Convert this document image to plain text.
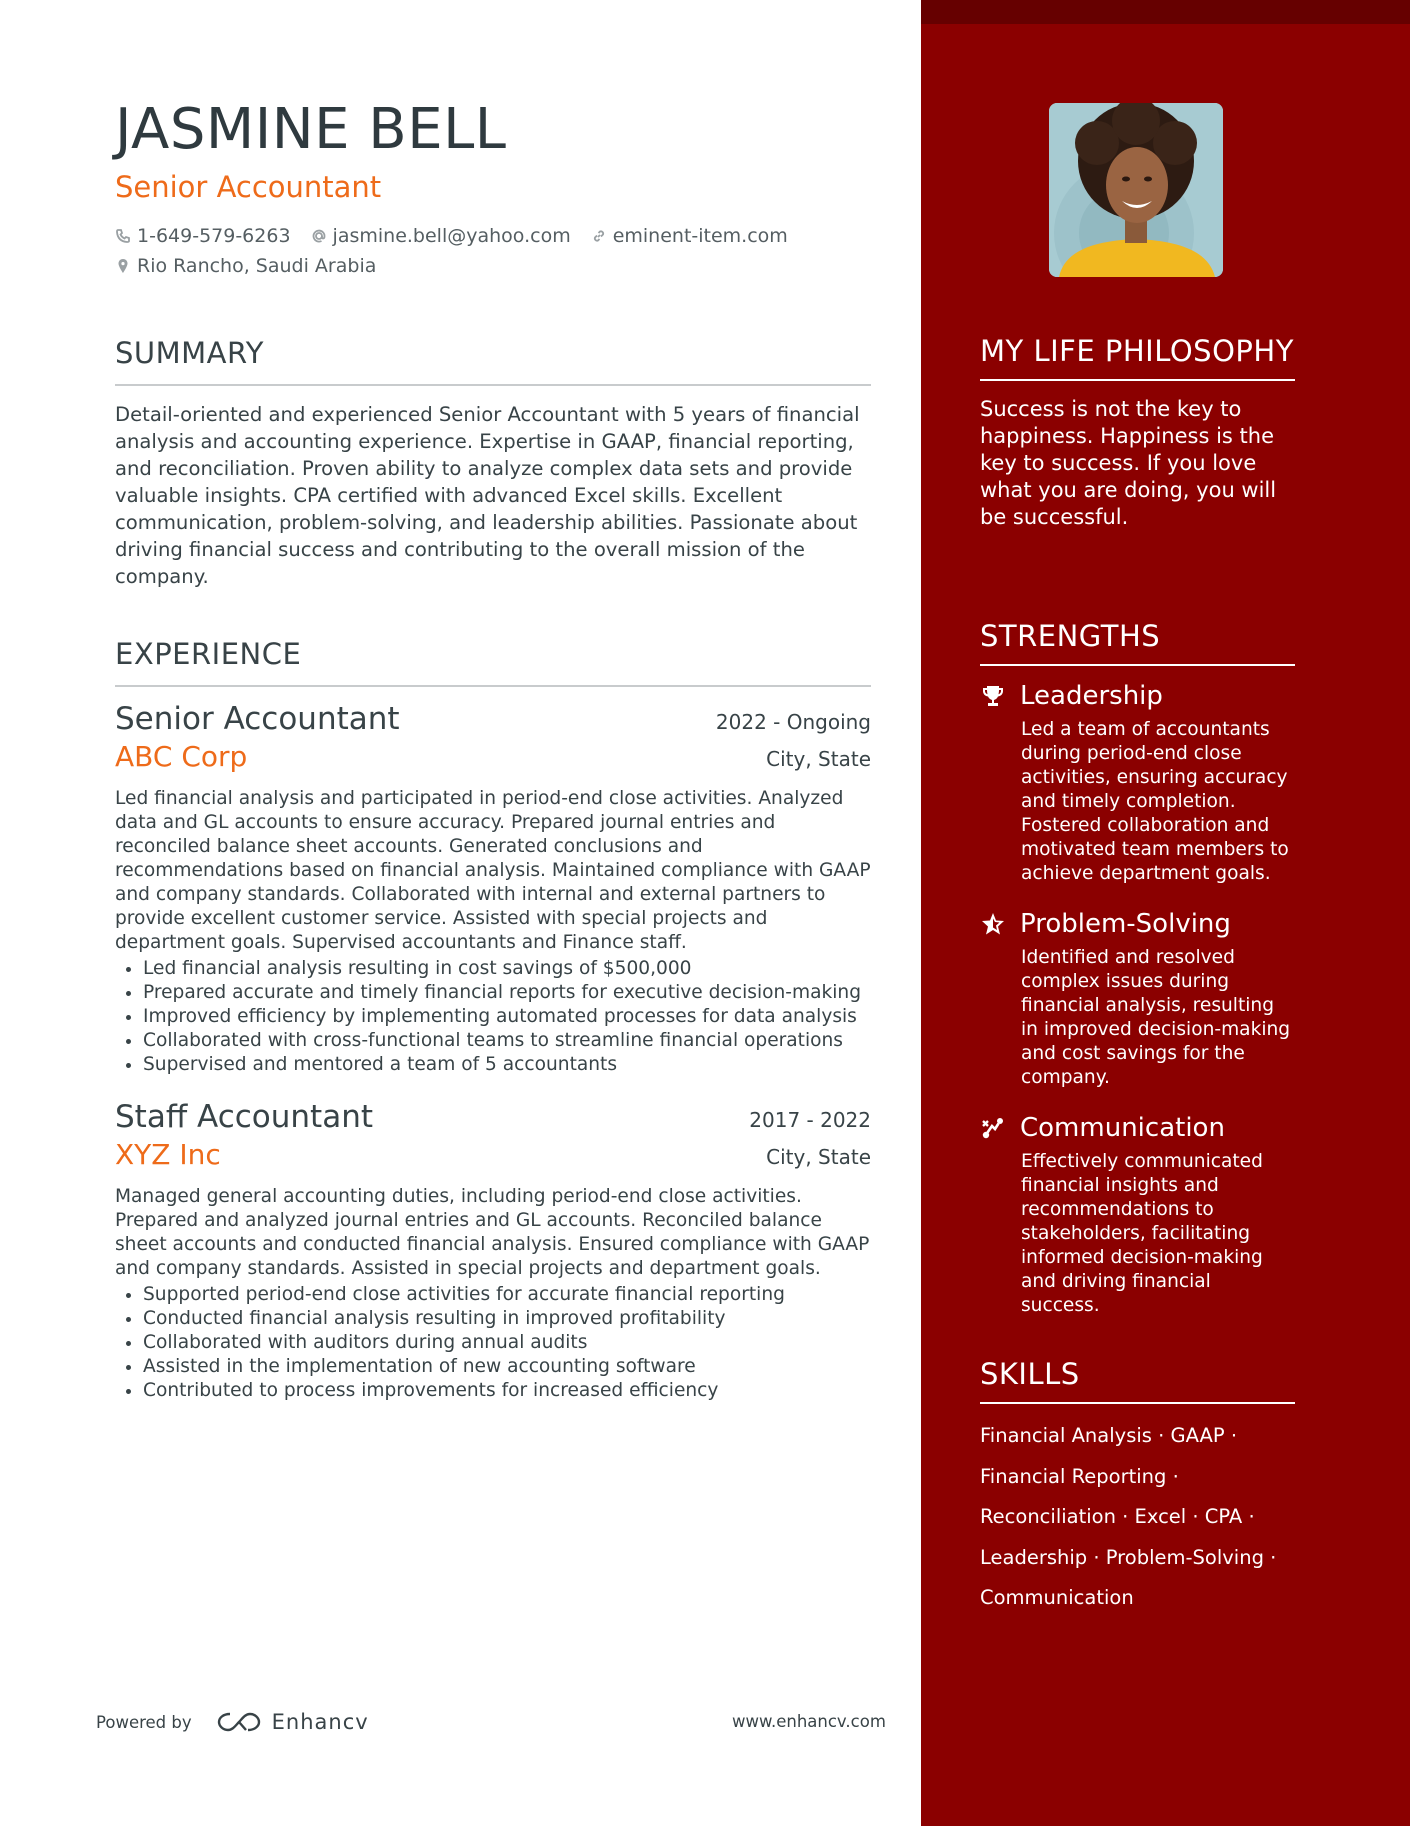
JASMINE BELL
Senior Accountant
1-649-579-6263 jasmine.bell@yahoo.com eminent-item.com
Rio Rancho, Saudi Arabia
SUMMARY
Detail-oriented and experienced Senior Accountant with 5 years of financial analysis and accounting experience. Expertise in GAAP, financial reporting, and reconciliation. Proven ability to analyze complex data sets and provide valuable insights. CPA certified with advanced Excel skills. Excellent communication, problem-solving, and leadership abilities. Passionate about driving financial success and contributing to the overall mission of the company.
EXPERIENCE
Senior Accountant	2022 - Ongoing
ABC Corp	City, State
Led financial analysis and participated in period-end close activities. Analyzed data and GL accounts to ensure accuracy. Prepared journal entries and reconciled balance sheet accounts. Generated conclusions and recommendations based on financial analysis. Maintained compliance with GAAP and company standards. Collaborated with internal and external partners to provide excellent customer service. Assisted with special projects and department goals. Supervised accountants and Finance staff.
• Led financial analysis resulting in cost savings of $500,000
• Prepared accurate and timely financial reports for executive decision-making
• Improved efficiency by implementing automated processes for data analysis
• Collaborated with cross-functional teams to streamline financial operations
• Supervised and mentored a team of 5 accountants
Staff Accountant	2017 - 2022
XYZ Inc	City, State
Managed general accounting duties, including period-end close activities. Prepared and analyzed journal entries and GL accounts. Reconciled balance sheet accounts and conducted financial analysis. Ensured compliance with GAAP and company standards. Assisted in special projects and department goals.
• Supported period-end close activities for accurate financial reporting
• Conducted financial analysis resulting in improved profitability
• Collaborated with auditors during annual audits
• Assisted in the implementation of new accounting software
• Contributed to process improvements for increased efficiency
MY LIFE PHILOSOPHY
Success is not the key to happiness. Happiness is the key to success. If you love what you are doing, you will be successful.
STRENGTHS
Leadership
Led a team of accountants during period-end close activities, ensuring accuracy and timely completion. Fostered collaboration and motivated team members to achieve department goals.
Problem-Solving
Identified and resolved complex issues during financial analysis, resulting in improved decision-making and cost savings for the company.
Communication
Effectively communicated financial insights and recommendations to stakeholders, facilitating informed decision-making and driving financial success.
SKILLS
Financial Analysis · GAAP ·
Financial Reporting ·
Reconciliation · Excel · CPA ·
Leadership · Problem-Solving ·
Communication
Powered by	Enhancv	www.enhancv.com
